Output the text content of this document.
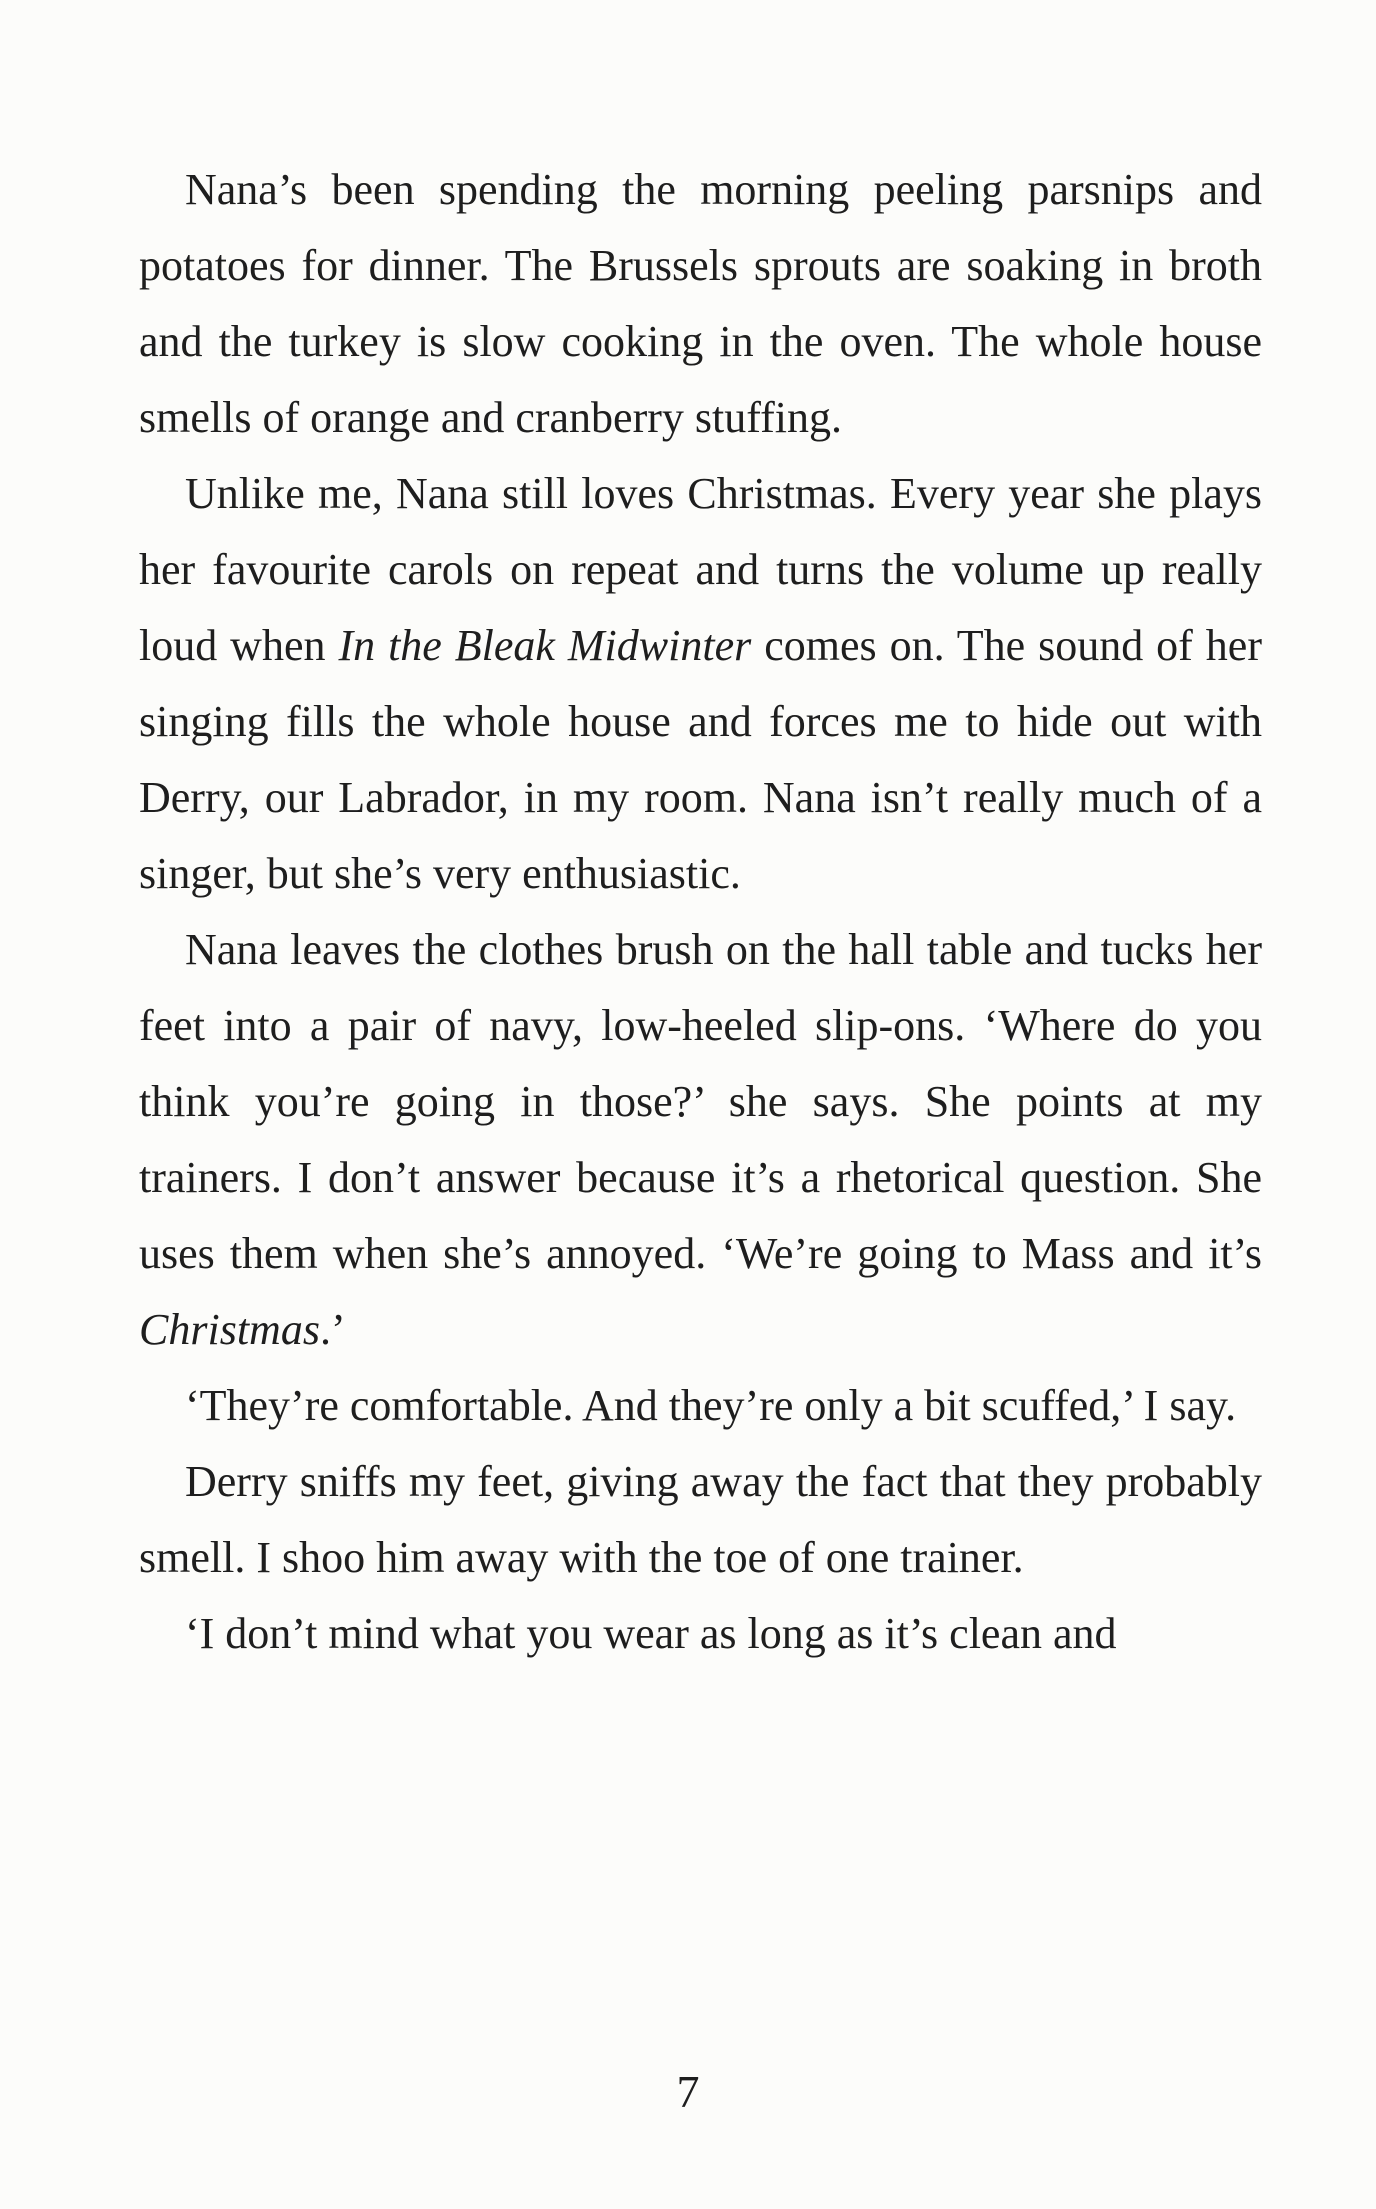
Nana’s been spending the morning peeling parsnips and potatoes for dinner. The Brussels sprouts are soaking in broth and the turkey is slow cooking in the oven. The whole house smells of orange and cranberry stuffing.

Unlike me, Nana still loves Christmas. Every year she plays her favourite carols on repeat and turns the volume up really loud when In the Bleak Midwinter comes on. The sound of her singing fills the whole house and forces me to hide out with Derry, our Labrador, in my room. Nana isn’t really much of a singer, but she’s very enthusiastic.

Nana leaves the clothes brush on the hall table and tucks her feet into a pair of navy, low-heeled slip-ons. ‘Where do you think you’re going in those?’ she says. She points at my trainers. I don’t answer because it’s a rhetorical question. She uses them when she’s annoyed. ‘We’re going to Mass and it’s Christmas.’

‘They’re comfortable. And they’re only a bit scuffed,’ I say.

Derry sniffs my feet, giving away the fact that they probably smell. I shoo him away with the toe of one trainer.

‘I don’t mind what you wear as long as it’s clean and

7
